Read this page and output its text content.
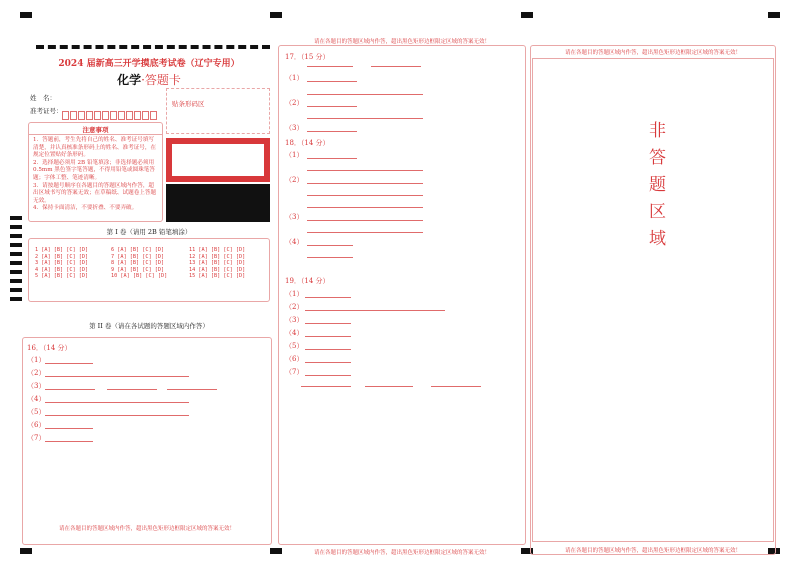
2024 届新高三开学摸底考试卷（辽宁专用）
化学·答题卡
姓　名：
准考证号：
贴条形码区
注意事项
1．答题前，考生先将自己的姓名、准考证号填写清楚，并认真核准条形码上的姓名、准考证号，在规定位置贴好条形码。
2．选择题必须用 2B 铅笔填涂；非选择题必须用 0.5mm 黑色签字笔答题，不得用铅笔或圆珠笔答题；字体工整、笔迹清晰。
3．请按题号顺序在各题目的答题区域内作答，超出区域书写的答案无效；在草稿纸、试题卷上答题无效。
4．保持卡面清洁，不要折叠、不要弄破。
第 I 卷（请用 2B 铅笔填涂）
1 [A] [B] [C] [D]
2 [A] [B] [C] [D]
3 [A] [B] [C] [D]
4 [A] [B] [C] [D]
5 [A] [B] [C] [D]
6 [A] [B] [C] [D]
7 [A] [B] [C] [D]
8 [A] [B] [C] [D]
9 [A] [B] [C] [D]
10 [A] [B] [C] [D]
11 [A] [B] [C] [D]
12 [A] [B] [C] [D]
13 [A] [B] [C] [D]
14 [A] [B] [C] [D]
15 [A] [B] [C] [D]
第 II 卷（请在各试题的答题区域内作答）
16．（14 分）
（1）
（2）
（3）
（4）
（5）
（6）
（7）
请在各题目的答题区域内作答，超出黑色矩形边框限定区域的答案无效！
请在各题目的答题区域内作答，超出黑色矩形边框限定区域的答案无效！
17．（15 分）
（1）
（2）
（3）
18．（14 分）
（1）
（2）
（3）
（4）
19．（14 分）
（1）
（2）
（3）
（4）
（5）
（6）
（7）
请在各题目的答题区域内作答，超出黑色矩形边框限定区域的答案无效！
请在各题目的答题区域内作答，超出黑色矩形边框限定区域的答案无效！
非答题区域
请在各题目的答题区域内作答，超出黑色矩形边框限定区域的答案无效！
